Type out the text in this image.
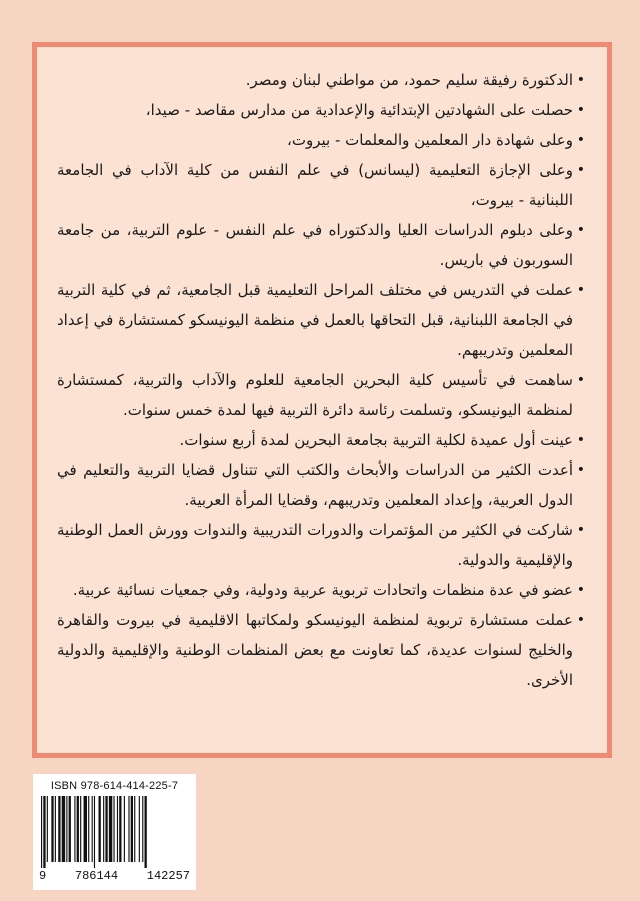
• الدكتورة رفيقة سليم حمود، من مواطني لبنان ومصر.
• حصلت على الشهادتين الإبتدائية والإعدادية من مدارس مقاصد - صيدا،
• وعلى شهادة دار المعلمين والمعلمات - بيروت،
• وعلى الإجازة التعليمية (ليسانس) في علم النفس من كلية الآداب في الجامعة اللبنانية - بيروت،
• وعلى دبلوم الدراسات العليا والدكتوراه في علم النفس - علوم التربية، من جامعة السوربون في باريس.
• عملت في التدريس في مختلف المراحل التعليمية قبل الجامعية، ثم في كلية التربية في الجامعة اللبنانية، قبل التحاقها بالعمل في منظمة اليونيسكو كمستشارة في إعداد المعلمين وتدريبهم.
• ساهمت في تأسيس كلية البحرين الجامعية للعلوم والآداب والتربية، كمستشارة لمنظمة اليونيسكو، وتسلمت رئاسة دائرة التربية فيها لمدة خمس سنوات.
• عينت أول عميدة لكلية التربية بجامعة البحرين لمدة أربع سنوات.
• أعدت الكثير من الدراسات والأبحاث والكتب التي تتناول قضايا التربية والتعليم في الدول العربية، وإعداد المعلمين وتدريبهم، وقضايا المرأة العربية.
• شاركت في الكثير من المؤتمرات والدورات التدريبية والندوات وورش العمل الوطنية والإقليمية والدولية.
• عضو في عدة منظمات واتحادات تربوية عربية ودولية، وفي جمعيات نسائية عربية.
• عملت مستشارة تربوية لمنظمة اليونيسكو ولمكاتبها الاقليمية في بيروت والقاهرة والخليج لسنوات عديدة، كما تعاونت مع بعض المنظمات الوطنية والإقليمية والدولية الأخرى.
ISBN 978-614-414-225-7
9 786144 142257
